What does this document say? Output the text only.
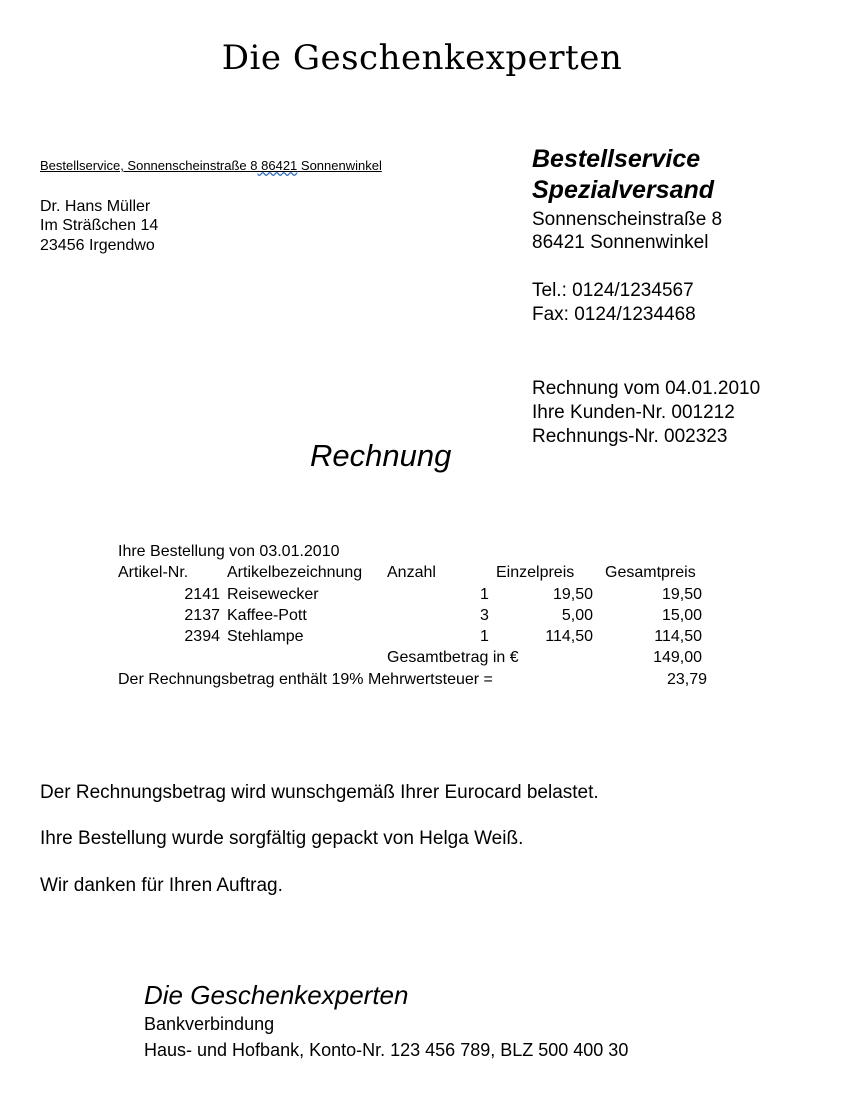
Die Geschenkexperten
Bestellservice, Sonnenscheinstraße 8 86421 Sonnenwinkel
Dr. Hans Müller
Im Sträßchen 14
23456 Irgendwo
Bestellservice
Spezialversand
Sonnenscheinstraße 8
86421 Sonnenwinkel
Tel.: 0124/1234567
Fax: 0124/1234468
Rechnung vom 04.01.2010
Ihre Kunden-Nr. 001212
Rechnungs-Nr. 002323
Rechnung
Ihre Bestellung von 03.01.2010
Artikel-Nr. Artikelbezeichnung Anzahl	Einzelpreis Gesamtpreis
2141 Reisewecker	1	19,50	19,50
2137 Kaffee-Pott	3	5,00	15,00
2394 Stehlampe	1	114,50	114,50
Gesamtbetrag in €	149,00
Der Rechnungsbetrag enthält 19% Mehrwertsteuer =	23,79
Der Rechnungsbetrag wird wunschgemäß Ihrer Eurocard belastet.
Ihre Bestellung wurde sorgfältig gepackt von Helga Weiß.
Wir danken für Ihren Auftrag.
Die Geschenkexperten
Bankverbindung
Haus- und Hofbank, Konto-Nr. 123 456 789, BLZ 500 400 30
